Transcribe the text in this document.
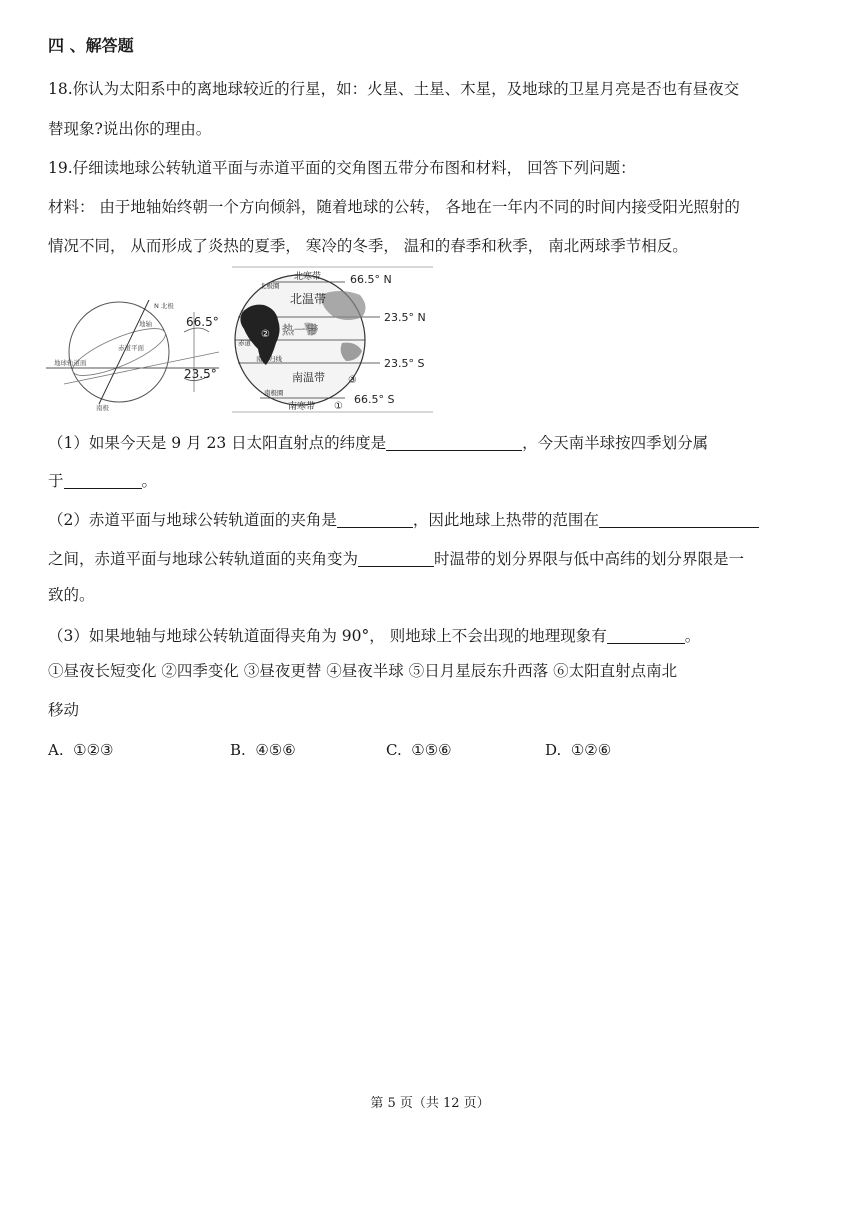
四 、解答题
18.你认为太阳系中的离地球较近的行星，如：火星、土星、木星，及地球的卫星月亮是否也有昼夜交
替现象?说出你的理由。
19.仔细读地球公转轨道平面与赤道平面的交角图五带分布图和材料， 回答下列问题：
材料： 由于地轴始终朝一个方向倾斜，随着地球的公转， 各地在一年内不同的时间内接受阳光照射的
情况不同， 从而形成了炎热的夏季， 寒冷的冬季， 温和的春季和秋季， 南北两球季节相反。
N 北极
地轴
赤道平面
地球轨道面
南极
66.5°
23.5°
北寒带
北温带
热一带
南温带
南寒带
北极圈
北回归线
赤道
南回归线
南极圈
②
③
①
66.5° N
23.5° N
23.5° S
66.5° S
（1）如果今天是 9 月 23 日太阳直射点的纬度是	，今天南半球按四季划分属
于	。
（2）赤道平面与地球公转轨道面的夹角是	，因此地球上热带的范围在
之间，赤道平面与地球公转轨道面的夹角变为	时温带的划分界限与低中高纬的划分界限是一
致的。
（3）如果地轴与地球公转轨道面得夹角为 90°， 则地球上不会出现的地理现象有	。
①昼夜长短变化 ②四季变化 ③昼夜更替 ④昼夜半球 ⑤日月星辰东升西落 ⑥太阳直射点南北
移动
A. ①②③	B. ④⑤⑥	C. ①⑤⑥	D. ①②⑥
第 5 页（共 12 页）
